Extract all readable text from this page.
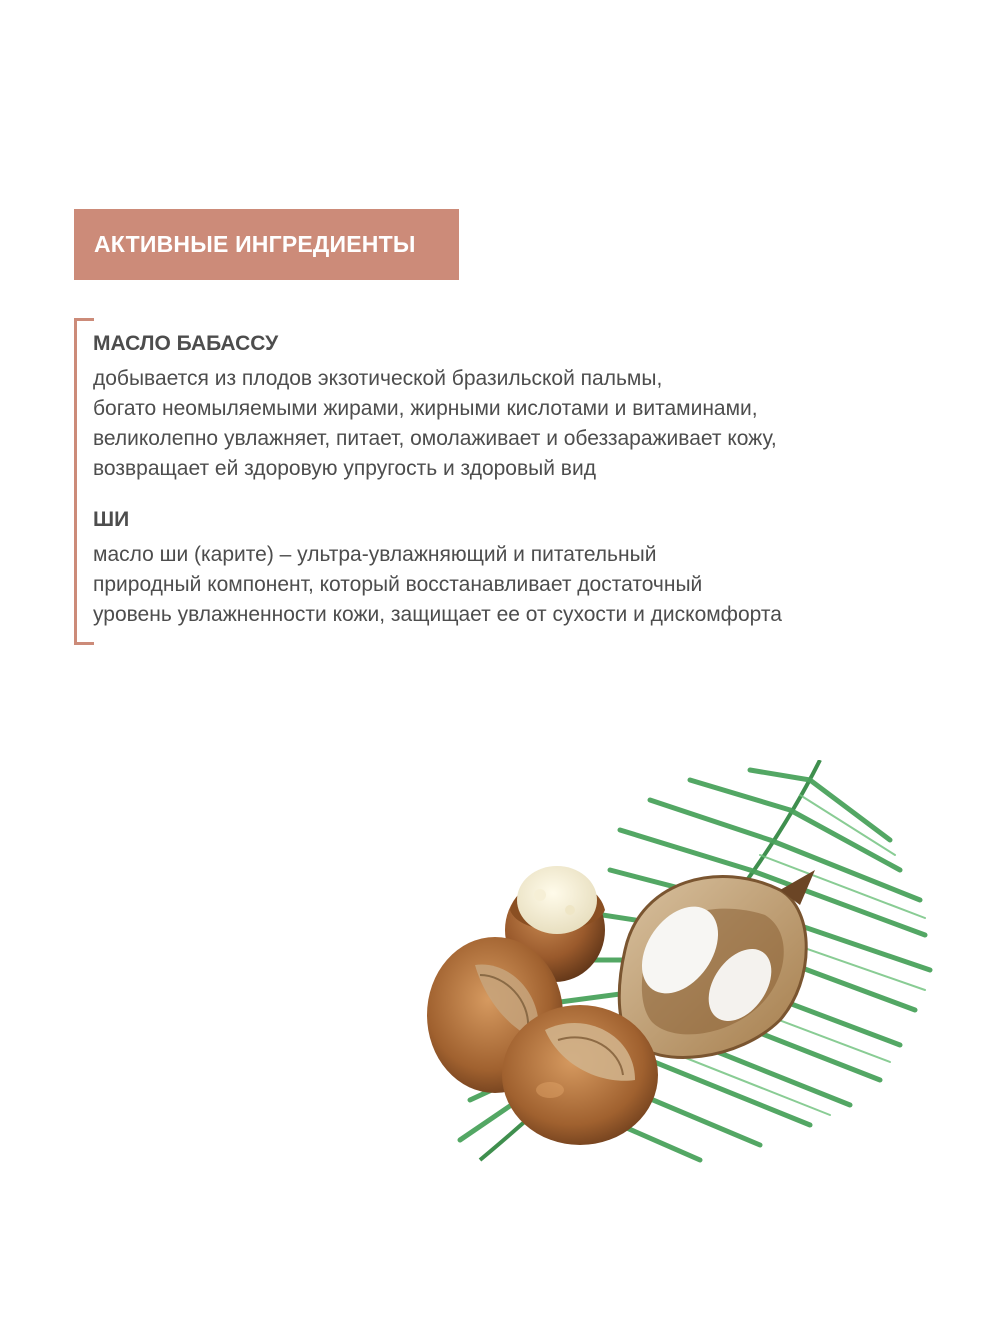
АКТИВНЫЕ ИНГРЕДИЕНТЫ

МАСЛО БАБАССУ

добывается из плодов экзотической бразильской пальмы,
богато неомыляемыми жирами, жирными кислотами и витаминами,
великолепно увлажняет, питает, омолаживает и обеззараживает кожу,
возвращает ей здоровую упругость и здоровый вид

ШИ

масло ши (карите) – ультра-увлажняющий и питательный
природный компонент, который восстанавливает достаточный
уровень увлажненности кожи, защищает ее от сухости и дискомфорта
